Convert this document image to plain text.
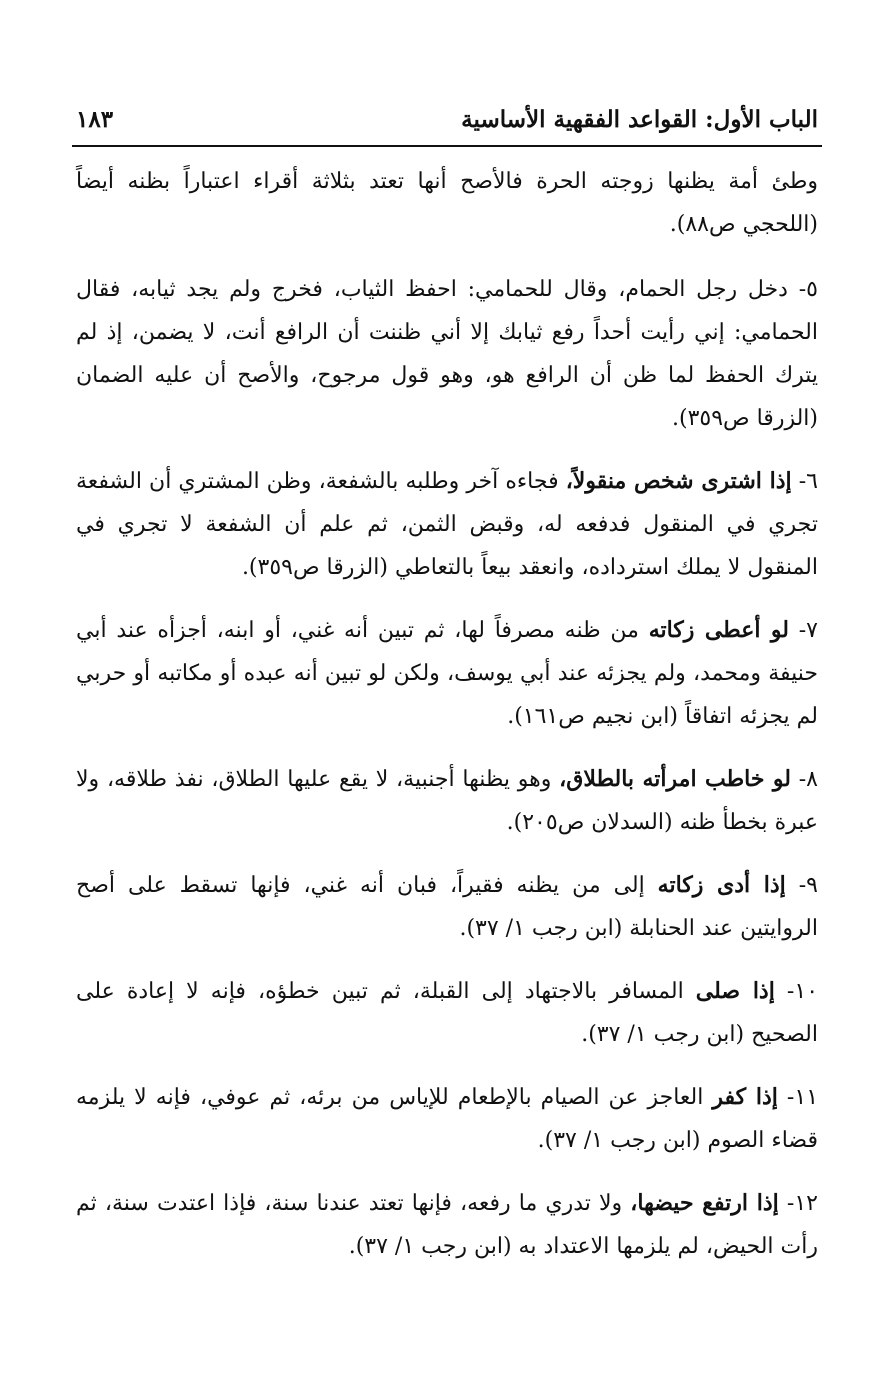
الباب الأول: القواعد الفقهية الأساسية
١٨٣

وطئ أمة يظنها زوجته الحرة فالأصح أنها تعتد بثلاثة أقراء اعتباراً بظنه أيضاً (اللحجي ص٨٨).

٥- دخل رجل الحمام، وقال للحمامي: احفظ الثياب، فخرج ولم يجد ثيابه، فقال الحمامي: إني رأيت أحداً رفع ثيابك إلا أني ظننت أن الرافع أنت، لا يضمن، إذ لم يترك الحفظ لما ظن أن الرافع هو، وهو قول مرجوح، والأصح أن عليه الضمان (الزرقا ص٣٥٩).

٦- إذا اشترى شخص منقولاً، فجاءه آخر وطلبه بالشفعة، وظن المشتري أن الشفعة تجري في المنقول فدفعه له، وقبض الثمن، ثم علم أن الشفعة لا تجري في المنقول لا يملك استرداده، وانعقد بيعاً بالتعاطي (الزرقا ص٣٥٩).

٧- لو أعطى زكاته من ظنه مصرفاً لها، ثم تبين أنه غني، أو ابنه، أجزأه عند أبي حنيفة ومحمد، ولم يجزئه عند أبي يوسف، ولكن لو تبين أنه عبده أو مكاتبه أو حربي لم يجزئه اتفاقاً (ابن نجيم ص١٦١).

٨- لو خاطب امرأته بالطلاق، وهو يظنها أجنبية، لا يقع عليها الطلاق، نفذ طلاقه، ولا عبرة بخطأ ظنه (السدلان ص٢٠٥).

٩- إذا أدى زكاته إلى من يظنه فقيراً، فبان أنه غني، فإنها تسقط على أصح الروايتين عند الحنابلة (ابن رجب ١/ ٣٧).

١٠- إذا صلى المسافر بالاجتهاد إلى القبلة، ثم تبين خطؤه، فإنه لا إعادة على الصحيح (ابن رجب ١/ ٣٧).

١١- إذا كفر العاجز عن الصيام بالإطعام للإياس من برئه، ثم عوفي، فإنه لا يلزمه قضاء الصوم (ابن رجب ١/ ٣٧).

١٢- إذا ارتفع حيضها، ولا تدري ما رفعه، فإنها تعتد عندنا سنة، فإذا اعتدت سنة، ثم رأت الحيض، لم يلزمها الاعتداد به (ابن رجب ١/ ٣٧).
